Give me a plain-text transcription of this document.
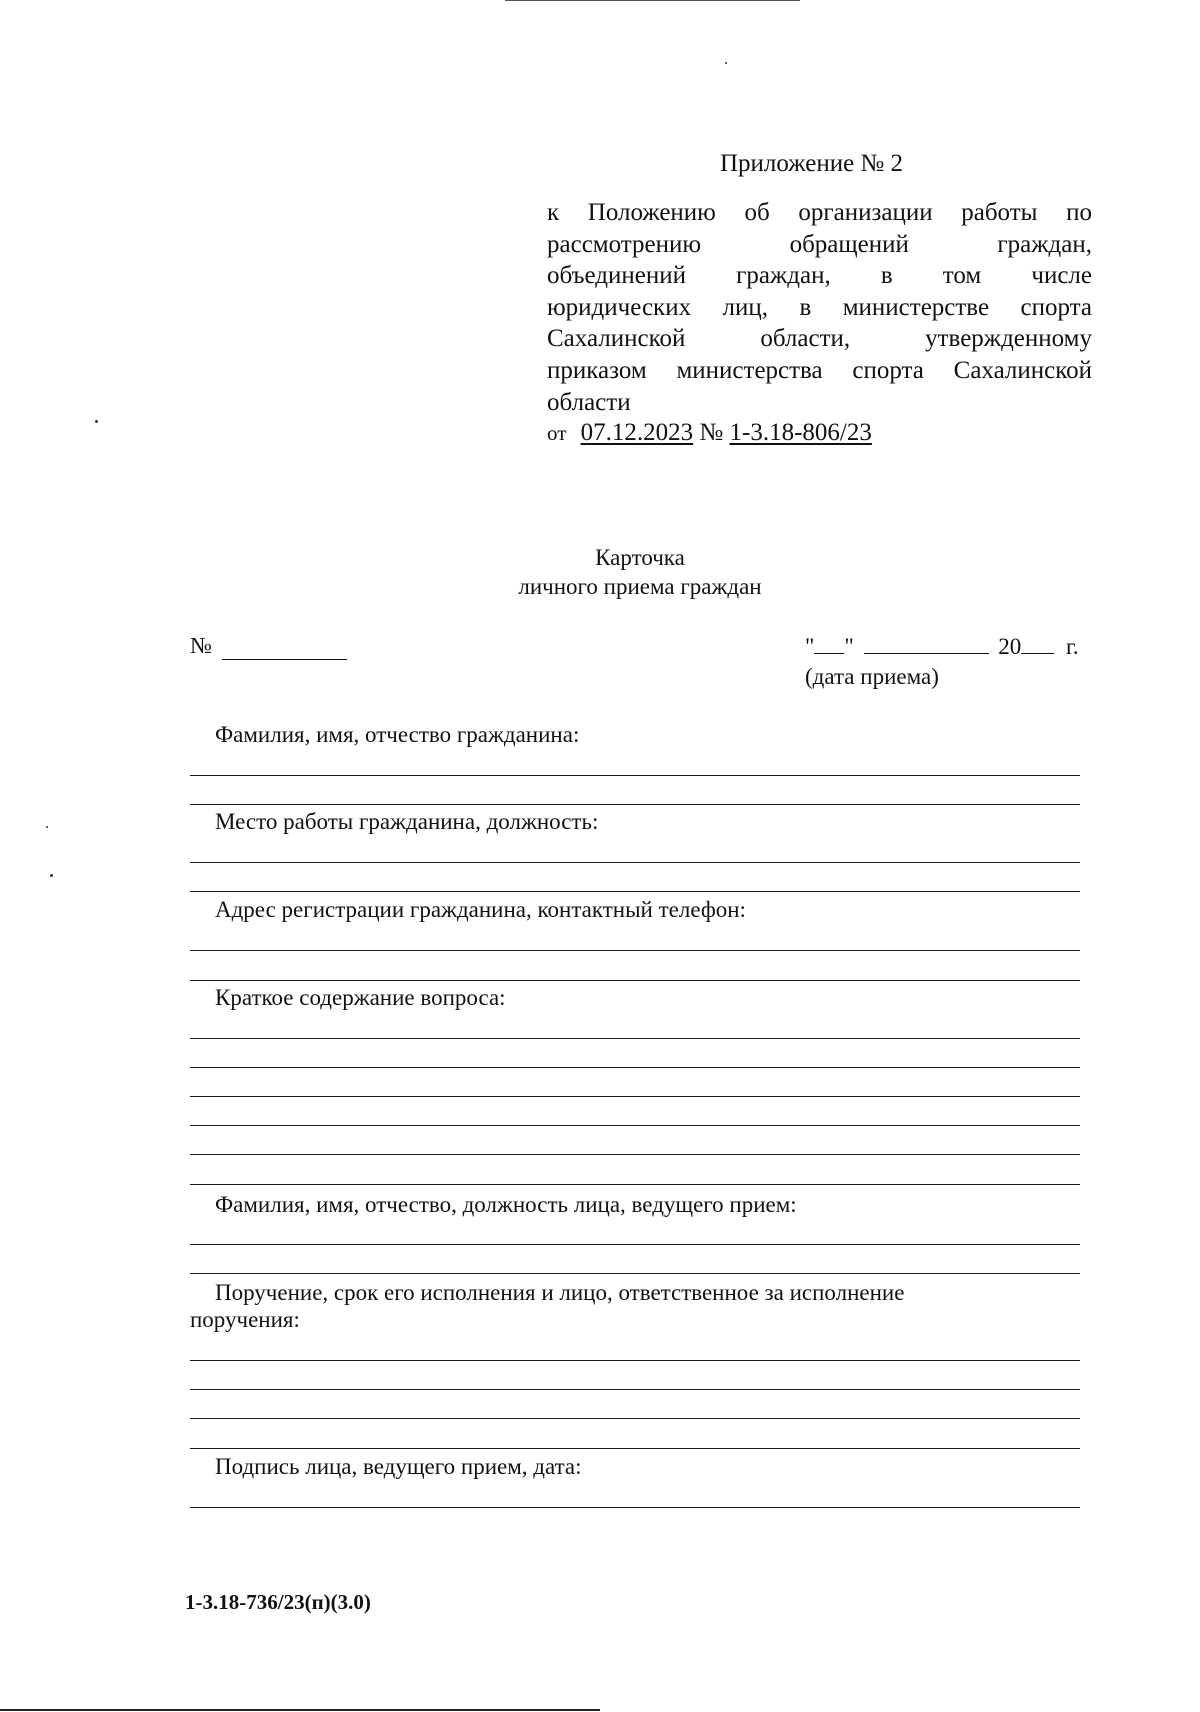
Приложение № 2
к Положению об организации работы по
рассмотрению обращений граждан,
объединений граждан, в том числе
юридических лиц, в министерстве спорта
Сахалинской области, утвержденному
приказом министерства спорта Сахалинской
области
от 07.12.2023 № 1-3.18-806/23
Карточка
личного приема граждан
№	" "	20 г.
(дата приема)
Фамилия, имя, отчество гражданина:
Место работы гражданина, должность:
Адрес регистрации гражданина, контактный телефон:
Краткое содержание вопроса:
Фамилия, имя, отчество, должность лица, ведущего прием:
Поручение, срок его исполнения и лицо, ответственное за исполнение поручения:
Подпись лица, ведущего прием, дата:
1-3.18-736/23(п)(3.0)
